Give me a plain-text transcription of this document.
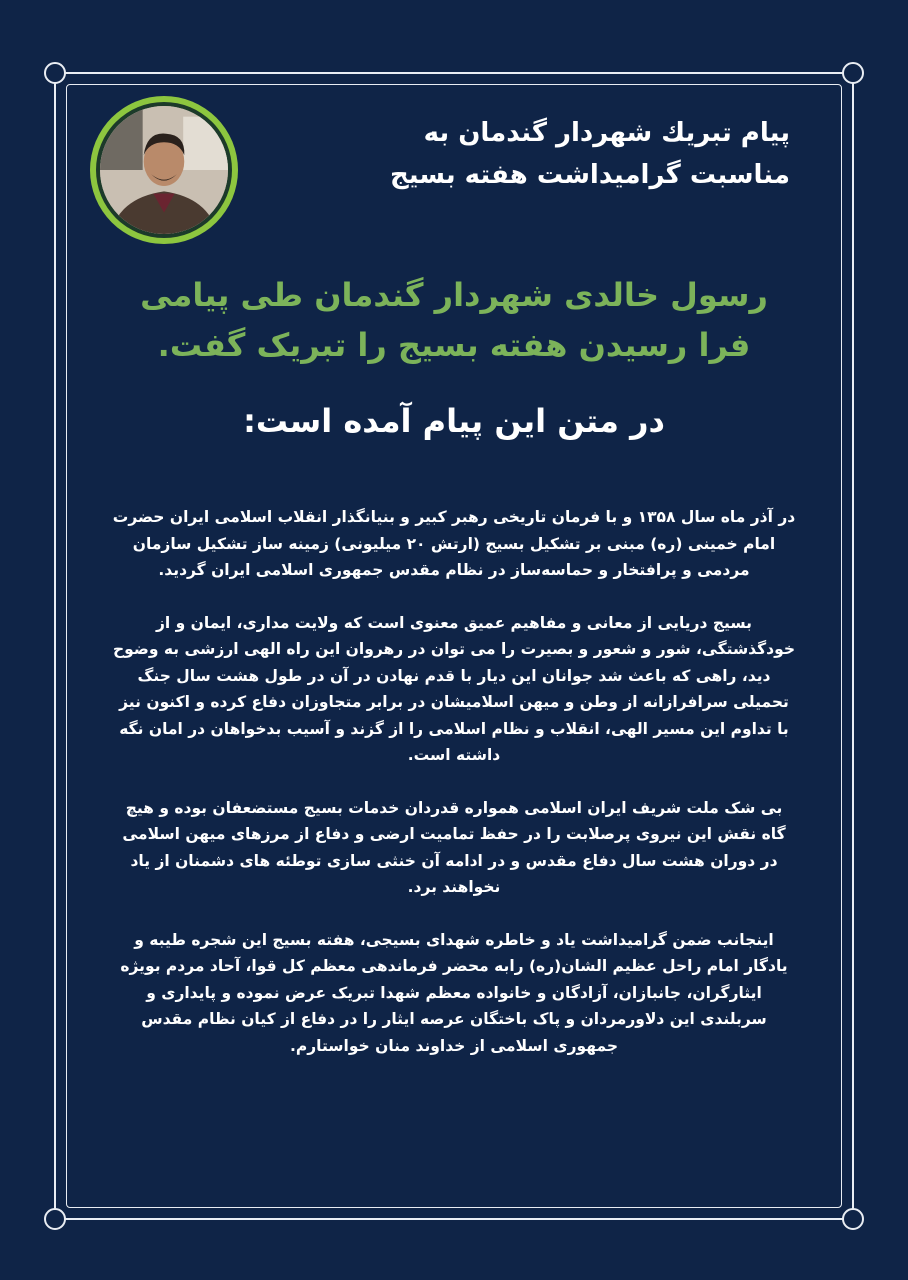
پیام تبریك شهردار گندمان به
مناسبت گرامیداشت هفته بسیج
رسول خالدی شهردار گندمان طی پیامی
فرا رسیدن هفته بسیج را تبریک گفت.
در متن این پیام آمده است:

در آذر ماه سال ۱۳۵۸ و با فرمان تاریخی رهبر کبیر و بنیانگذار انقلاب اسلامی ایران حضرت امام خمینی (ره) مبنی بر تشکیل بسیج (ارتش ۲۰ میلیونی) زمینه ساز تشکیل سازمان مردمی و پرافتخار و حماسه‌ساز در نظام مقدس جمهوری اسلامی ایران گردید.

بسیج دریایی از معانی و مفاهیم عمیق معنوی است که ولایت مداری، ایمان و از خودگذشتگی، شور و شعور و بصیرت را می توان در رهروان این راه الهی ارزشی به وضوح دید، راهی که باعث شد جوانان این دیار با قدم نهادن در آن در طول هشت سال جنگ تحمیلی سرافرازانه از وطن و میهن اسلامیشان در برابر متجاوزان دفاع کرده و اکنون نیز با تداوم این مسیر الهی، انقلاب و نظام اسلامی را از گزند و آسیب بدخواهان در امان نگه داشته است.

بی شک ملت شریف ایران اسلامی همواره قدردان خدمات بسیج مستضعفان بوده و هیچ گاه نقش این نیروی پرصلابت را در حفظ تمامیت ارضی و دفاع از مرزهای میهن اسلامی در دوران هشت سال دفاع مقدس و در ادامه آن خنثی سازی توطئه های دشمنان از یاد نخواهند برد.

اینجانب ضمن گرامیداشت یاد و خاطره شهدای بسیجی، هفته بسیج این شجره طیبه و یادگار امام راحل عظیم الشان(ره) رابه محضر فرماندهی معظم کل قوا، آحاد مردم بویژه ایثارگران، جانبازان، آزادگان و خانواده معظم شهدا تبریک عرض نموده و پایداری و سربلندی این دلاورمردان و پاک باختگان عرصه ایثار را در دفاع از کیان نظام مقدس جمهوری اسلامی از خداوند منان خواستارم.
